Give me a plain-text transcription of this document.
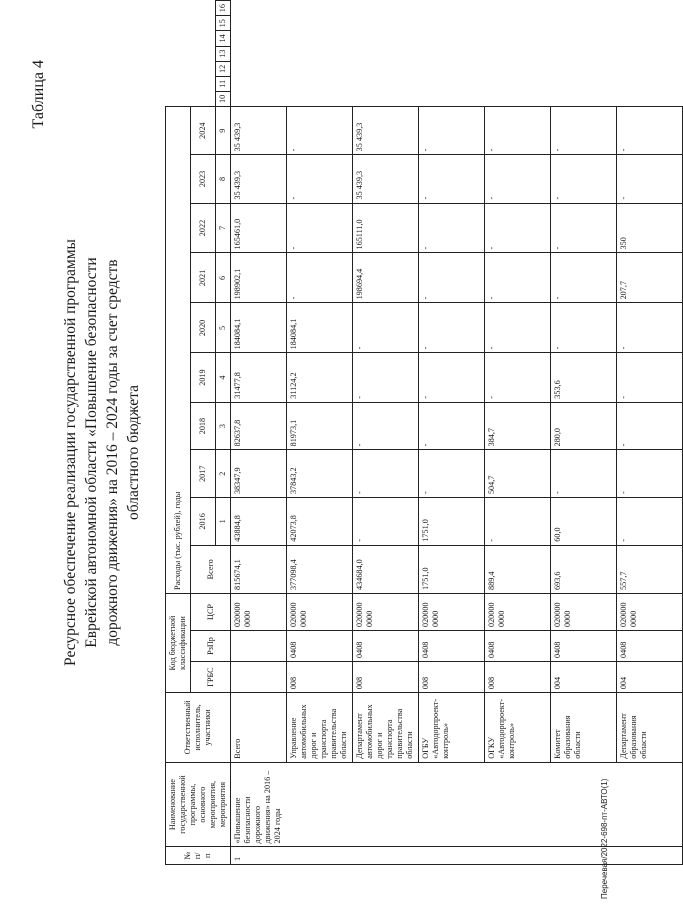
Таблица 4
Ресурсное обеспечение реализации государственной программы Еврейской автономной области «Повышение безопасности дорожного движения» на 2016 – 2024 годы за счет средств областного бюджета
№ п/п	Наименование государственной программы, основного мероприятия, мероприятия	Ответственный исполнитель, участники	Код бюджетной классификации			Расходы (тыс. рублей), годы																
			ГРБС	РзПр	ЦСР	Всего	2016	2017	2018	2019	2020	2021	2022	2023	2024							
							1	2	3	4	5	6	7	8	9	10	11	12	13	14	15	16
1	«Повышение безопасности дорожного движения» на 2016 – 2024 годы	Всего			020000 0000	815674,1	43884,8	38347,9	82637,8	31477,8	184084,1	198902,1	165461,0	35 439,3	35 439,3							
		Управление автомобильных дорог и транспорта правительства области	008	0408	020000 0000	377098,4	42073,8	37843,2	81973,1	31124,2	184084,1	-	-	-	-							
		Департамент автомобильных дорог и транспорта правительства области	008	0408	020000 0000	434684,0	-	-	-	-	-	198694,4	165111,0	35 439,3	35 439,3							
		ОГБУ «Автодорпроект-контроль»	008	0408	020000 0000	1751,0	1751,0	-	-	-	-	-	-	-	-							
		ОГКУ «Автодорпроект-контроль»	008	0408	020000 0000	889,4	-	504,7	384,7	-	-	-	-	-	-							
		Комитет образования области	004	0408	020000 0000	693,6	60,0	-	280,0	353,6	-	-	-	-	-							
		Департамент образования области	004	0408	020000 0000	557,7	-	-	-	-	-	207,7	350	-	-							
Перечевая/2022-698-пт-АВТО(1)
